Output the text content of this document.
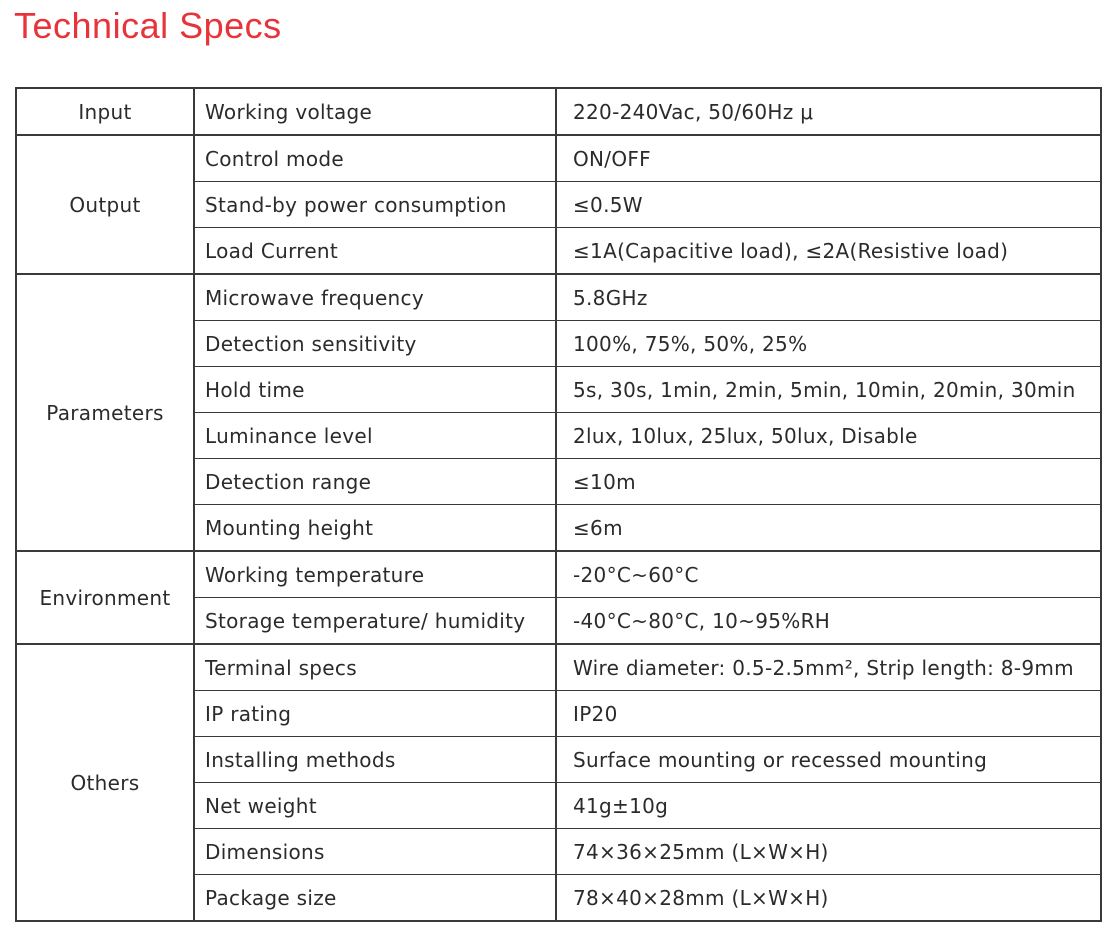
Technical Specs
Input	Working voltage	220-240Vac, 50/60Hz μ
Output	Control mode	ON/OFF
	Stand-by power consumption	≤0.5W
	Load Current	≤1A(Capacitive load), ≤2A(Resistive load)
Parameters	Microwave frequency	5.8GHz
	Detection sensitivity	100%, 75%, 50%, 25%
	Hold time	5s, 30s, 1min, 2min, 5min, 10min, 20min, 30min
	Luminance level	2lux, 10lux, 25lux, 50lux, Disable
	Detection range	≤10m
	Mounting height	≤6m
Environment	Working temperature	-20°C~60°C
	Storage temperature/ humidity	-40°C~80°C, 10~95%RH
Others	Terminal specs	Wire diameter: 0.5-2.5mm², Strip length: 8-9mm
	IP rating	IP20
	Installing methods	Surface mounting or recessed mounting
	Net weight	41g±10g
	Dimensions	74×36×25mm (L×W×H)
	Package size	78×40×28mm (L×W×H)
